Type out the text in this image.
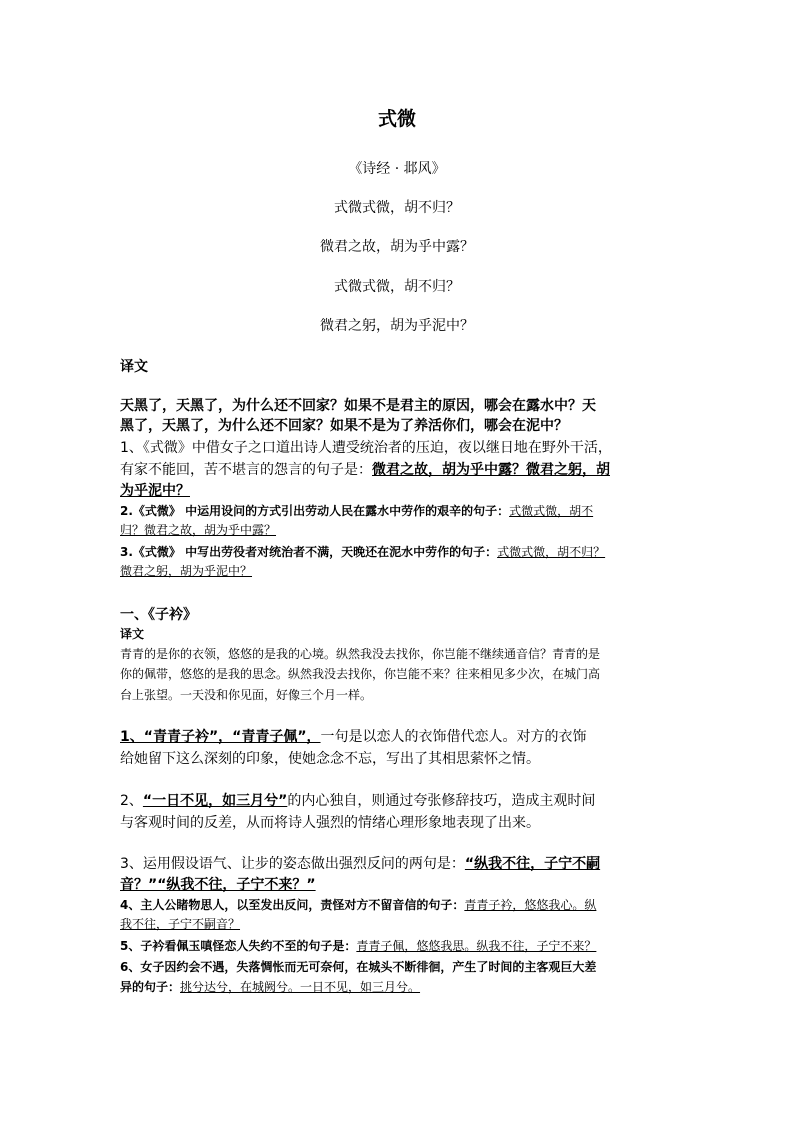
式微
《诗经 · 邶风》
式微式微，胡不归？
微君之故，胡为乎中露？
式微式微，胡不归？
微君之躬，胡为乎泥中？
译文
天黑了，天黑了，为什么还不回家？如果不是君主的原因，哪会在露水中？天
黑了，天黑了，为什么还不回家？如果不是为了养活你们，哪会在泥中？
1、《式微》中借女子之口道出诗人遭受统治者的压迫，夜以继日地在野外干活，
有家不能回，苦不堪言的怨言的句子是：微君之故，胡为乎中露？微君之躬，胡
为乎泥中？
2.《式微》 中运用设问的方式引出劳动人民在露水中劳作的艰辛的句子：式微式微，胡不
归？微君之故，胡为乎中露？
3.《式微》 中写出劳役者对统治者不满，天晚还在泥水中劳作的句子：式微式微，胡不归？
微君之躬，胡为乎泥中？
一、《子衿》
译文
青青的是你的衣领，悠悠的是我的心境。纵然我没去找你，你岂能不继续通音信？青青的是
你的佩带，悠悠的是我的思念。纵然我没去找你，你岂能不来？往来相见多少次，在城门高
台上张望。一天没和你见面，好像三个月一样。
1、“青青子衿”，“青青子佩”，一句是以恋人的衣饰借代恋人。对方的衣饰
给她留下这么深刻的印象，使她念念不忘，写出了其相思萦怀之情。
2、“一日不见，如三月兮”的内心独自，则通过夸张修辞技巧，造成主观时间
与客观时间的反差，从而将诗人强烈的情绪心理形象地表现了出来。
3、运用假设语气、让步的姿态做出强烈反问的两句是：“纵我不往，子宁不嗣
音？”“纵我不往，子宁不来？”
4、主人公睹物思人，以至发出反问，责怪对方不留音信的句子：青青子衿，悠悠我心。纵
我不往，子宁不嗣音？
5、子衿看佩玉嗔怪恋人失约不至的句子是：青青子佩，悠悠我思。纵我不往，子宁不来？
6、女子因约会不遇，失落惆怅而无可奈何，在城头不断徘徊，产生了时间的主客观巨大差
异的句子：挑兮达兮，在城阙兮。一日不见，如三月兮。
